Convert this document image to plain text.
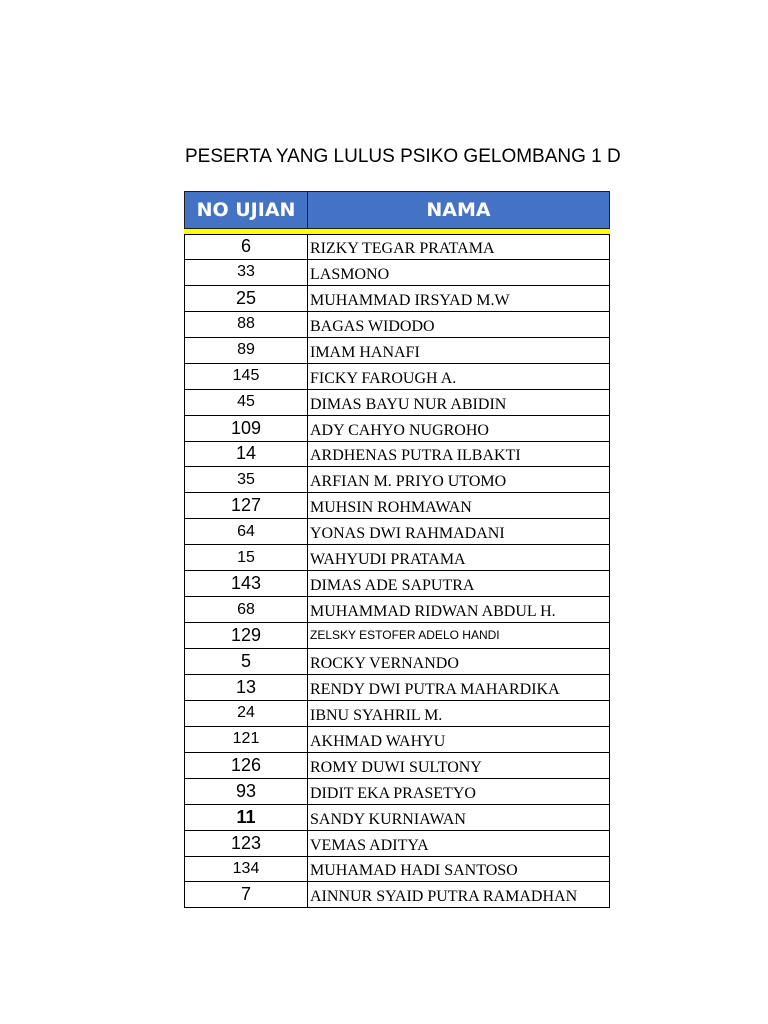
PESERTA YANG LULUS PSIKO GELOMBANG 1 D
NO UJIAN	NAMA
6	RIZKY TEGAR PRATAMA
33	LASMONO
25	MUHAMMAD IRSYAD M.W
88	BAGAS WIDODO
89	IMAM HANAFI
145	FICKY FAROUGH A.
45	DIMAS BAYU NUR ABIDIN
109	ADY CAHYO NUGROHO
14	ARDHENAS PUTRA ILBAKTI
35	ARFIAN M. PRIYO UTOMO
127	MUHSIN ROHMAWAN
64	YONAS DWI RAHMADANI
15	WAHYUDI PRATAMA
143	DIMAS ADE SAPUTRA
68	MUHAMMAD RIDWAN ABDUL H.
129	ZELSKY ESTOFER ADELO HANDI
5	ROCKY VERNANDO
13	RENDY DWI PUTRA MAHARDIKA
24	IBNU SYAHRIL M.
121	AKHMAD WAHYU
126	ROMY DUWI SULTONY
93	DIDIT EKA PRASETYO
11	SANDY KURNIAWAN
123	VEMAS ADITYA
134	MUHAMAD HADI SANTOSO
7	AINNUR SYAID PUTRA RAMADHAN
